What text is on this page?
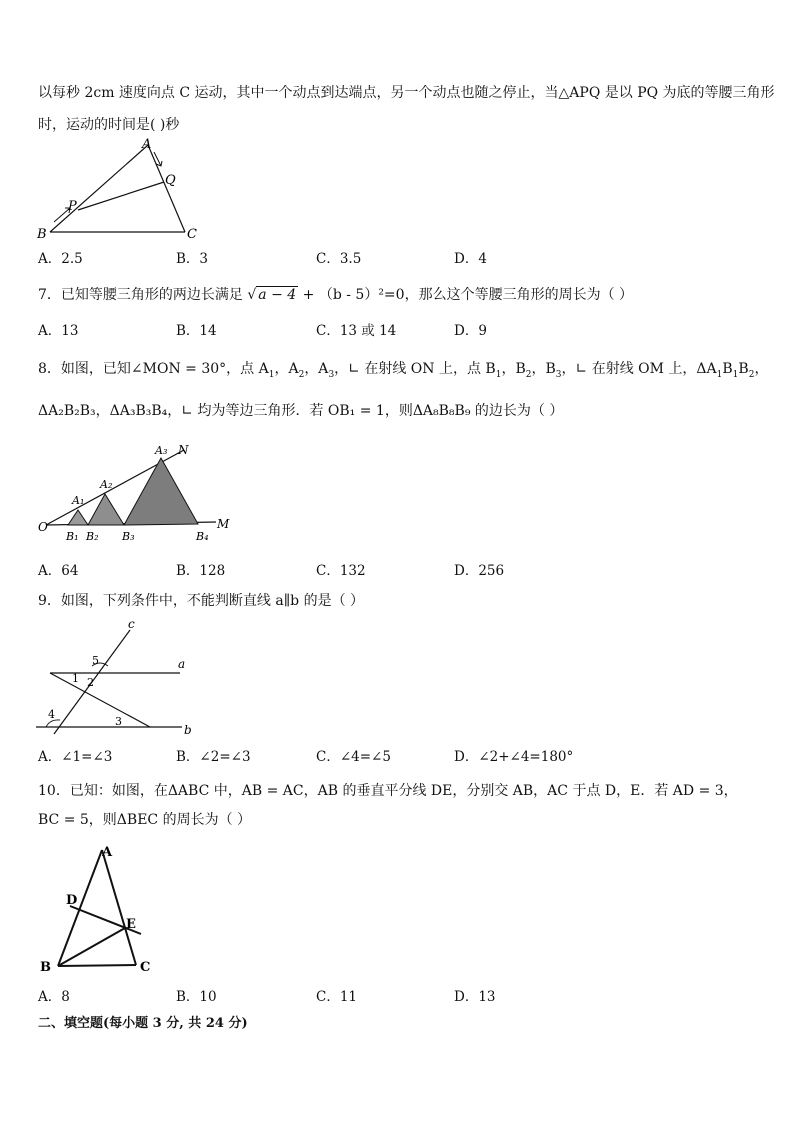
以每秒 2cm 速度向点 C 运动，其中一个动点到达端点，另一个动点也随之停止，当△APQ 是以 PQ 为底的等腰三角形
时，运动的时间是( )秒
A
Q
P
B	C
A．2.5	B．3	C．3.5	D．4
7．已知等腰三角形的两边长满足 √ a − 4 + （b - 5）²=0，那么这个等腰三角形的周长为（ ）
A．13	B．14	C．13 或 14	D．9
8．如图，已知∠MON = 30°，点 $A_1$，$A_2$，$A_3$，∟ 在射线 ON 上，点 $B_1$，$B_2$，$B_3$，∟ 在射线 OM 上，$\Delta A_1B_1B_2$，
ΔA₂B₂B₃，ΔA₃B₃B₄，∟ 均为等边三角形．若 OB₁ = 1，则ΔA₈B₈B₉ 的边长为（ ）
O	M
N
A₁
A₂
A₃
B₁ B₂ B₃	B₄
A．64	B．128	C．132	D．256
9．如图，下列条件中，不能判断直线 a∥b 的是（ ）
c
a
b
1 2
3
4
5
A．∠1=∠3	B．∠2=∠3	C．∠4=∠5	D．∠2+∠4=180°
10．已知：如图，在ΔABC 中，AB = AC，AB 的垂直平分线 DE，分别交 AB，AC 于点 D，E．若 AD = 3，
BC = 5，则ΔBEC 的周长为（ ）
A
D
E
B	C
A．8	B．10	C．11	D．13
二、填空题(每小题 3 分, 共 24 分)
